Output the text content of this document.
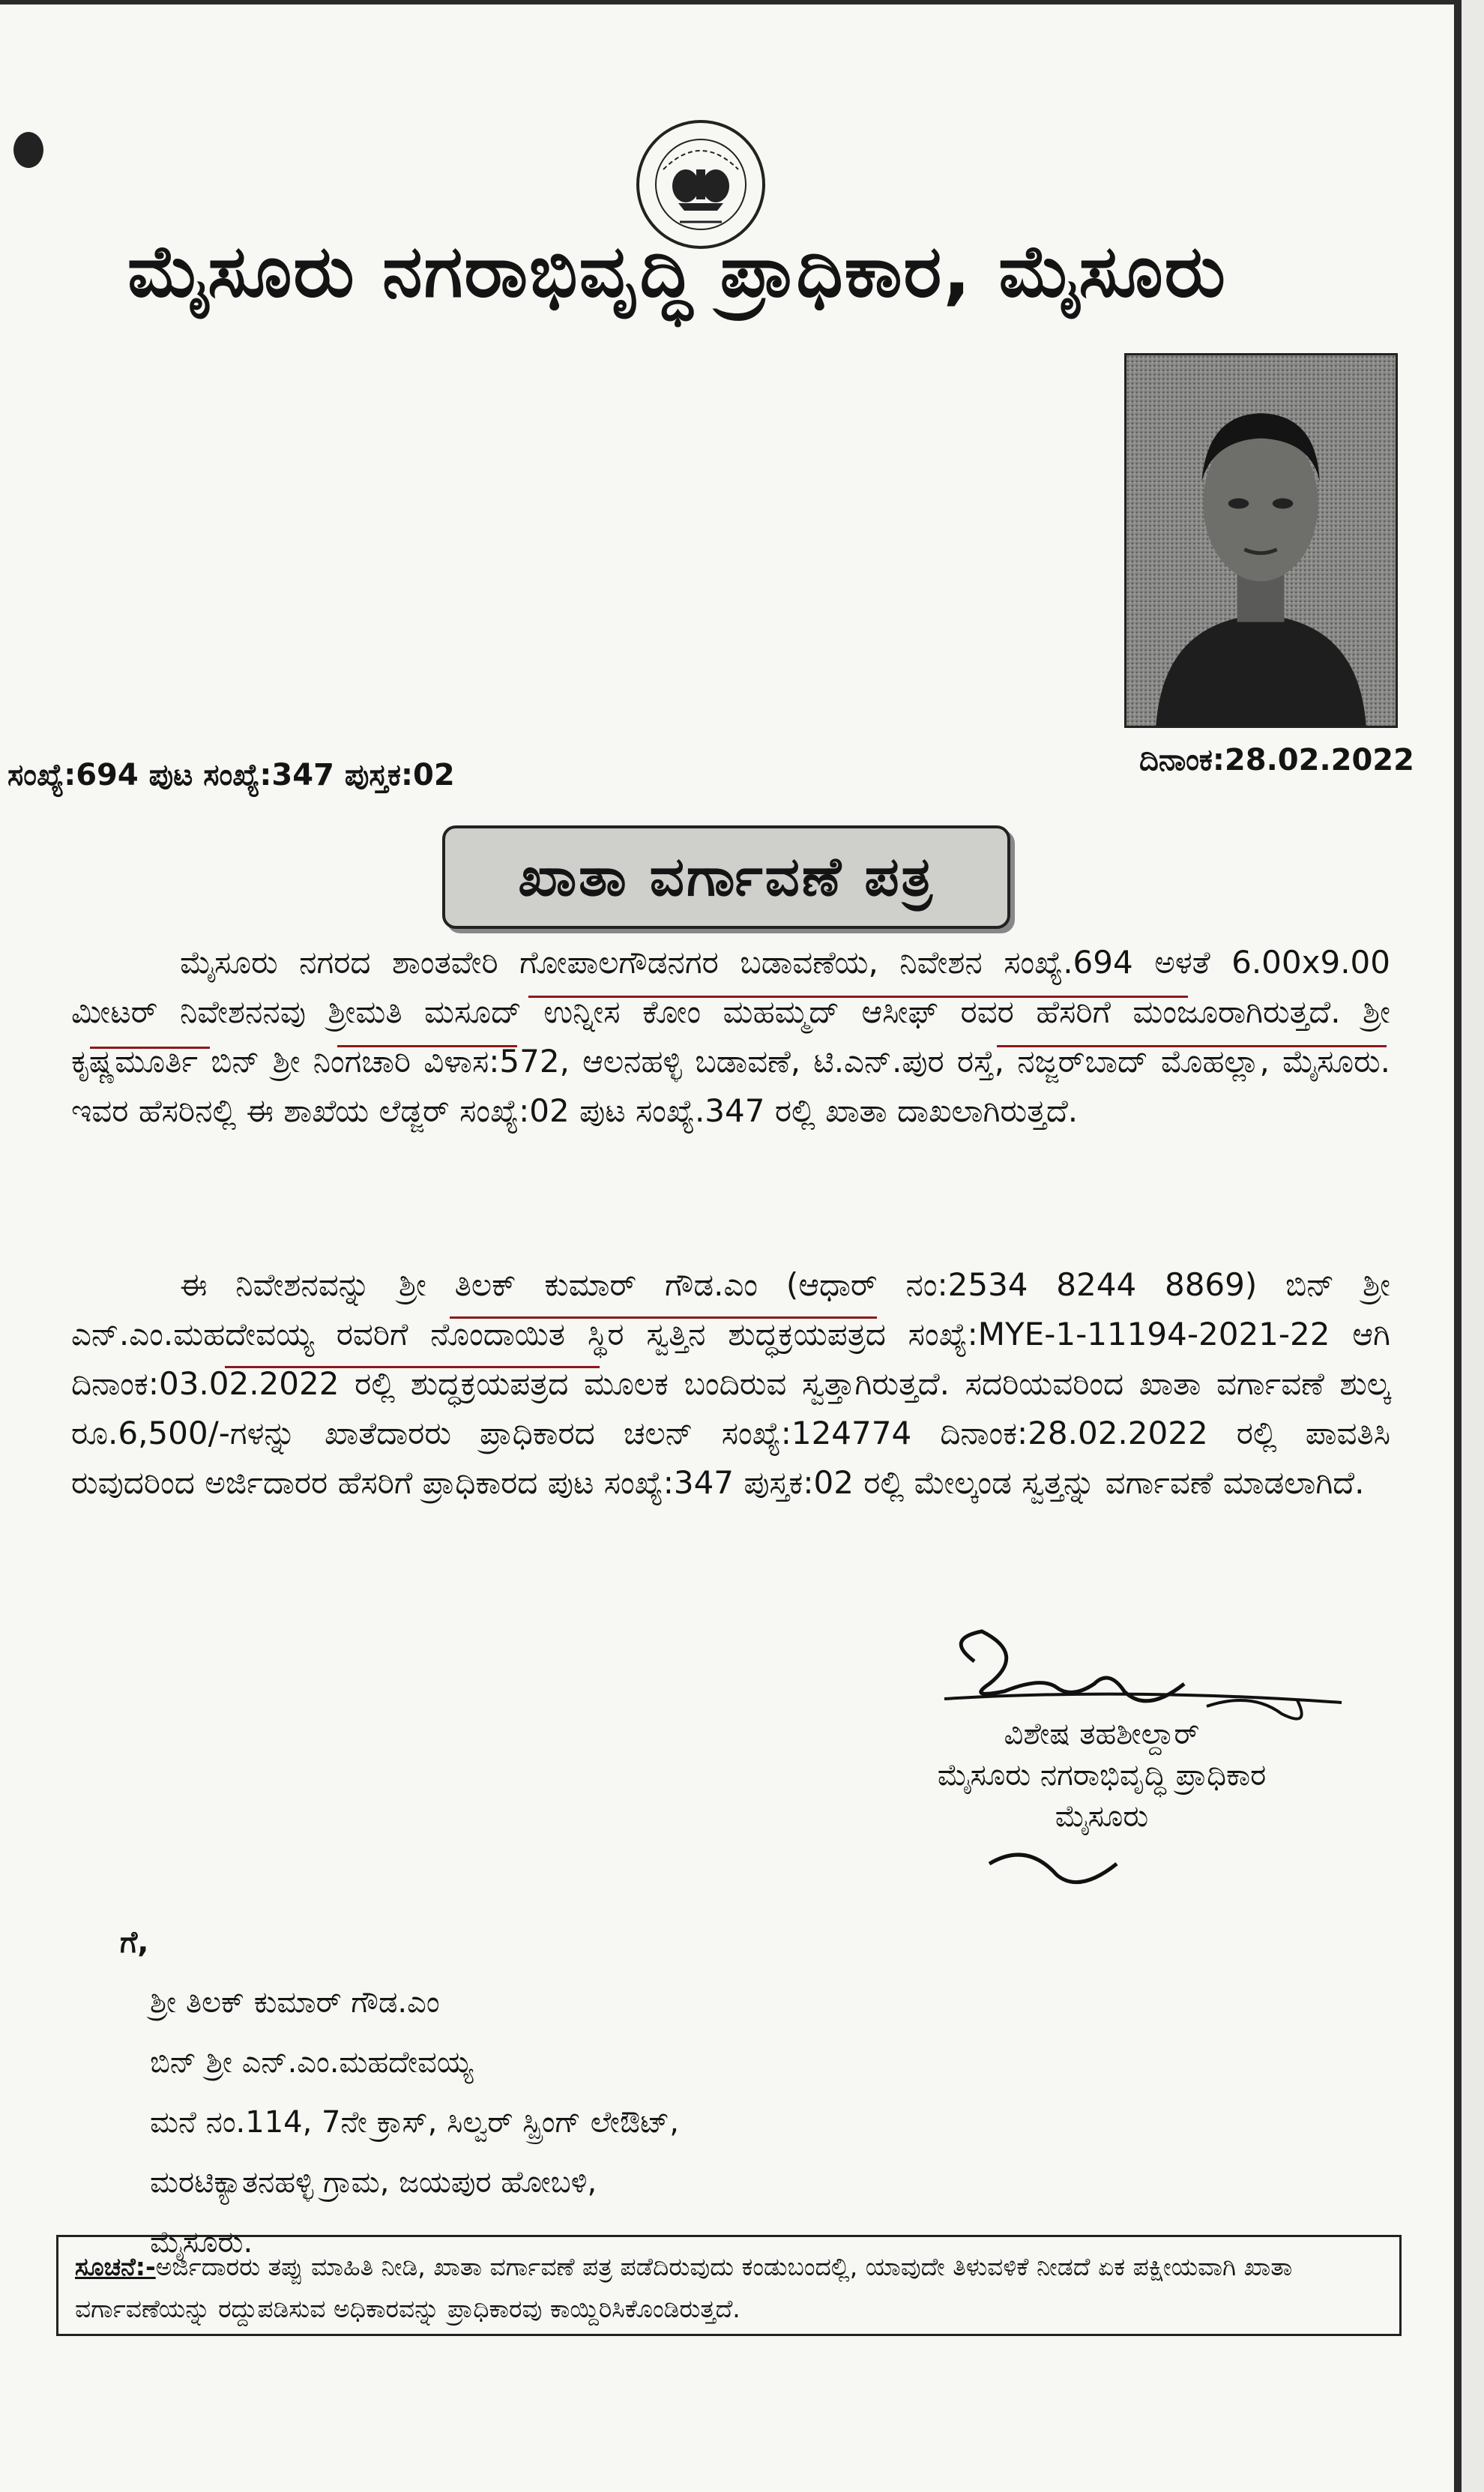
ಮೈಸೂರು ನಗರಾಭಿವೃದ್ಧಿ ಪ್ರಾಧಿಕಾರ, ಮೈಸೂರು
ಸಂಖ್ಯೆ:694 ಪುಟ ಸಂಖ್ಯೆ:347 ಪುಸ್ತಕ:02	ದಿನಾಂಕ:28.02.2022
ಖಾತಾ ವರ್ಗಾವಣೆ ಪತ್ರ
ಮೈಸೂರು ನಗರದ ಶಾಂತವೇರಿ ಗೋಪಾಲಗೌಡನಗರ ಬಡಾವಣೆಯ, ನಿವೇಶನ ಸಂಖ್ಯೆ.694 ಅಳತೆ 6.00x9.00 ಮೀಟರ್ ನಿವೇಶನನವು ಶ್ರೀಮತಿ ಮಸೂದ್ ಉನ್ನೀಸ ಕೋಂ ಮಹಮ್ಮದ್ ಆಸೀಫ್ ರವರ ಹೆಸರಿಗೆ ಮಂಜೂರಾಗಿರುತ್ತದೆ. ಶ್ರೀ ಕೃಷ್ಣಮೂರ್ತಿ ಬಿನ್ ಶ್ರೀ ನಿಂಗಚಾರಿ ವಿಳಾಸ:572, ಆಲನಹಳ್ಳಿ ಬಡಾವಣೆ, ಟಿ.ಎನ್.ಪುರ ರಸ್ತೆ, ನಜ್ಜರ್‌ಬಾದ್ ಮೊಹಲ್ಲಾ, ಮೈಸೂರು. ಇವರ ಹೆಸರಿನಲ್ಲಿ ಈ ಶಾಖೆಯ ಲೆಡ್ಜರ್ ಸಂಖ್ಯೆ:02 ಪುಟ ಸಂಖ್ಯೆ.347 ರಲ್ಲಿ ಖಾತಾ ದಾಖಲಾಗಿರುತ್ತದೆ.
ಈ ನಿವೇಶನವನ್ನು ಶ್ರೀ ತಿಲಕ್ ಕುಮಾರ್ ಗೌಡ.ಎಂ (ಆಧಾರ್ ನಂ:2534 8244 8869) ಬಿನ್ ಶ್ರೀ ಎನ್.ಎಂ.ಮಹದೇವಯ್ಯ ರವರಿಗೆ ನೊಂದಾಯಿತ ಸ್ಥಿರ ಸ್ವತ್ತಿನ ಶುದ್ಧಕ್ರಯಪತ್ರದ ಸಂಖ್ಯೆ:MYE-1-11194-2021-22 ಆಗಿ ದಿನಾಂಕ:03.02.2022 ರಲ್ಲಿ ಶುದ್ಧಕ್ರಯಪತ್ರದ ಮೂಲಕ ಬಂದಿರುವ ಸ್ವತ್ತಾಗಿರುತ್ತದೆ. ಸದರಿಯವರಿಂದ ಖಾತಾ ವರ್ಗಾವಣೆ ಶುಲ್ಕ ರೂ.6,500/-ಗಳನ್ನು ಖಾತೆದಾರರು ಪ್ರಾಧಿಕಾರದ ಚಲನ್ ಸಂಖ್ಯೆ:124774 ದಿನಾಂಕ:28.02.2022 ರಲ್ಲಿ ಪಾವತಿಸಿ ರುವುದರಿಂದ ಅರ್ಜಿದಾರರ ಹೆಸರಿಗೆ ಪ್ರಾಧಿಕಾರದ ಪುಟ ಸಂಖ್ಯೆ:347 ಪುಸ್ತಕ:02 ರಲ್ಲಿ ಮೇಲ್ಕಂಡ ಸ್ವತ್ತನ್ನು ವರ್ಗಾವಣೆ ಮಾಡಲಾಗಿದೆ.
ವಿಶೇಷ ತಹಶೀಲ್ದಾರ್
ಮೈಸೂರು ನಗರಾಭಿವೃದ್ಧಿ ಪ್ರಾಧಿಕಾರ
ಮೈಸೂರು
ಗೆ,
ಶ್ರೀ ತಿಲಕ್ ಕುಮಾರ್ ಗೌಡ.ಎಂ
ಬಿನ್ ಶ್ರೀ ಎನ್.ಎಂ.ಮಹದೇವಯ್ಯ
ಮನೆ ನಂ.114, 7ನೇ ಕ್ರಾಸ್, ಸಿಲ್ವರ್ ಸ್ಪ್ರಿಂಗ್ ಲೇಔಟ್,
ಮರಟಿಕ್ಯಾತನಹಳ್ಳಿ ಗ್ರಾಮ, ಜಯಪುರ ಹೋಬಳಿ,
ಮೈಸೂರು.
ಸೂಚನೆ:-ಅರ್ಜಿದಾರರು ತಪ್ಪು ಮಾಹಿತಿ ನೀಡಿ, ಖಾತಾ ವರ್ಗಾವಣೆ ಪತ್ರ ಪಡೆದಿರುವುದು ಕಂಡುಬಂದಲ್ಲಿ, ಯಾವುದೇ ತಿಳುವಳಿಕೆ ನೀಡದೆ ಏಕ ಪಕ್ಷೀಯವಾಗಿ ಖಾತಾ ವರ್ಗಾವಣೆಯನ್ನು ರದ್ದುಪಡಿಸುವ ಅಧಿಕಾರವನ್ನು ಪ್ರಾಧಿಕಾರವು ಕಾಯ್ದಿರಿಸಿಕೊಂಡಿರುತ್ತದೆ.
